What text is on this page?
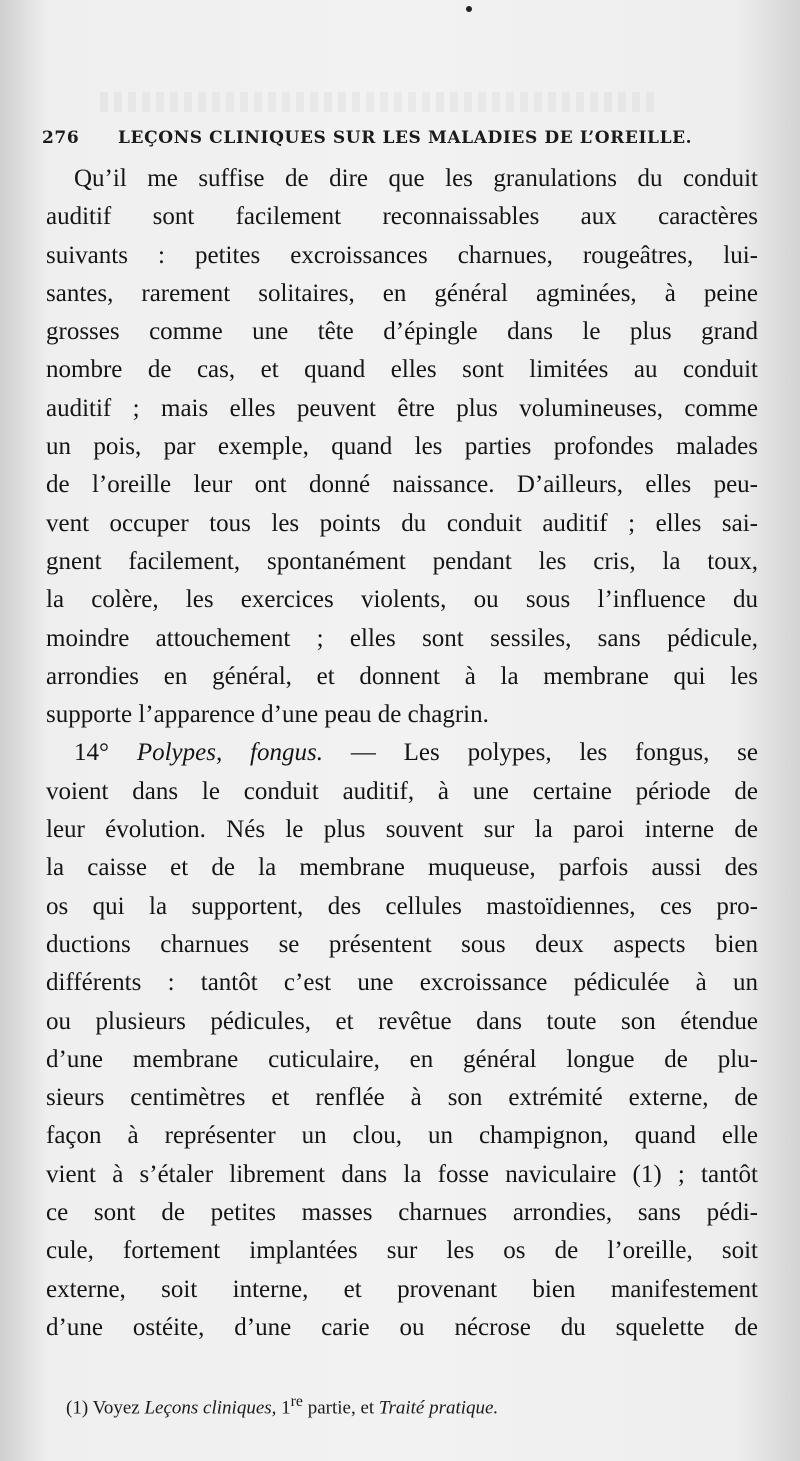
276 LEÇONS CLINIQUES SUR LES MALADIES DE L’OREILLE.
Qu’il me suffise de dire que les granulations du conduit
auditif sont facilement reconnaissables aux caractères
suivants : petites excroissances charnues, rougeâtres, lui-
santes, rarement solitaires, en général agminées, à peine
grosses comme une tête d’épingle dans le plus grand
nombre de cas, et quand elles sont limitées au conduit
auditif ; mais elles peuvent être plus volumineuses, comme
un pois, par exemple, quand les parties profondes malades
de l’oreille leur ont donné naissance. D’ailleurs, elles peu-
vent occuper tous les points du conduit auditif ; elles sai-
gnent facilement, spontanément pendant les cris, la toux,
la colère, les exercices violents, ou sous l’influence du
moindre attouchement ; elles sont sessiles, sans pédicule,
arrondies en général, et donnent à la membrane qui les
supporte l’apparence d’une peau de chagrin.
14° Polypes, fongus. — Les polypes, les fongus, se
voient dans le conduit auditif, à une certaine période de
leur évolution. Nés le plus souvent sur la paroi interne de
la caisse et de la membrane muqueuse, parfois aussi des
os qui la supportent, des cellules mastoïdiennes, ces pro-
ductions charnues se présentent sous deux aspects bien
différents : tantôt c’est une excroissance pédiculée à un
ou plusieurs pédicules, et revêtue dans toute son étendue
d’une membrane cuticulaire, en général longue de plu-
sieurs centimètres et renflée à son extrémité externe, de
façon à représenter un clou, un champignon, quand elle
vient à s’étaler librement dans la fosse naviculaire (1) ; tantôt
ce sont de petites masses charnues arrondies, sans pédi-
cule, fortement implantées sur les os de l’oreille, soit
externe, soit interne, et provenant bien manifestement
d’une ostéite, d’une carie ou nécrose du squelette de
(1) Voyez Leçons cliniques, 1re partie, et Traité pratique.
